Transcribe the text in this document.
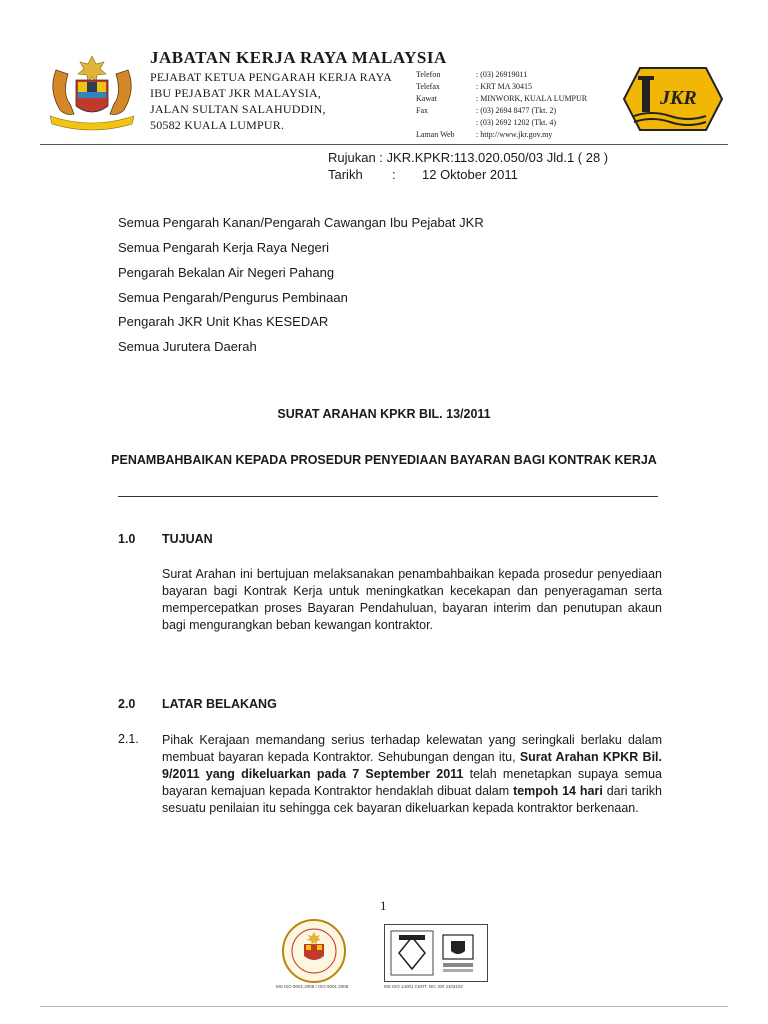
JABATAN KERJA RAYA MALAYSIA
PEJABAT KETUA PENGARAH KERJA RAYA
IBU PEJABAT JKR MALAYSIA,
JALAN SULTAN SALAHUDDIN,
50582 KUALA LUMPUR.
Telefon	: (03) 26919011
Telefax	: KRT MA 30415
Kawat	: MINWORK, KUALA LUMPUR
Fax	: (03) 2694 8477 (Tkt. 2)
: (03) 2692 1202 (Tkt. 4)
Laman Web	: http://www.jkr.gov.my
JKR
Rujukan : JKR.KPKR:113.020.050/03 Jld.1 ( 28 )
Tarikh : 12 Oktober 2011
Semua Pengarah Kanan/Pengarah Cawangan Ibu Pejabat JKR
Semua Pengarah Kerja Raya Negeri
Pengarah Bekalan Air Negeri Pahang
Semua Pengarah/Pengurus Pembinaan
Pengarah JKR Unit Khas KESEDAR
Semua Jurutera Daerah
SURAT ARAHAN KPKR BIL. 13/2011
PENAMBAHBAIKAN KEPADA PROSEDUR PENYEDIAAN BAYARAN BAGI KONTRAK KERJA
1.0 TUJUAN
Surat Arahan ini bertujuan melaksanakan penambahbaikan kepada prosedur penyediaan bayaran bagi Kontrak Kerja untuk meningkatkan kecekapan dan penyeragaman serta mempercepatkan proses Bayaran Pendahuluan, bayaran interim dan penutupan akaun bagi mengurangkan beban kewangan kontraktor.
2.0 LATAR BELAKANG
2.1. Pihak Kerajaan memandang serius terhadap kelewatan yang seringkali berlaku dalam membuat bayaran kepada Kontraktor. Sehubungan dengan itu, Surat Arahan KPKR Bil. 9/2011 yang dikeluarkan pada 7 September 2011 telah menetapkan supaya semua bayaran kemajuan kepada Kontraktor hendaklah dibuat dalam tempoh 14 hari dari tarikh sesuatu penilaian itu sehingga cek bayaran dikeluarkan kepada kontraktor berkenaan.
1
MS ISO 9001:2008 / ISO 9001:2008	MS ISO 14001 CERT. NO. ER 1103102
